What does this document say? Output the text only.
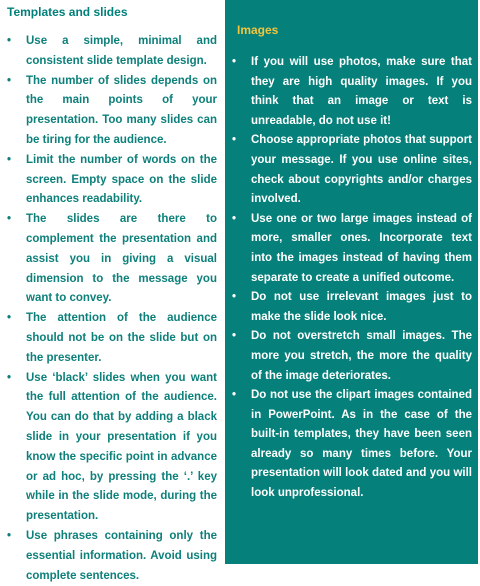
Templates and slides
•	Use a simple, minimal and consistent slide template design.
•	The number of slides depends on the main points of your presentation. Too many slides can be tiring for the audience.
•	Limit the number of words on the screen. Empty space on the slide enhances readability.
•	The slides are there to complement the presentation and assist you in giving a visual dimension to the message you want to convey.
•	The attention of the audience should not be on the slide but on the presenter.
•	Use ‘black’ slides when you want the full attention of the audience. You can do that by adding a black slide in your presentation if you know the specific point in advance or ad hoc, by pressing the ‘.’ key while in the slide mode, during the presentation.
•	Use phrases containing only the essential information. Avoid using complete sentences.
Images
•	If you will use photos, make sure that they are high quality images. If you think that an image or text is unreadable, do not use it!
•	Choose appropriate photos that support your message. If you use online sites, check about copyrights and/or charges involved.
•	Use one or two large images instead of more, smaller ones. Incorporate text into the images instead of having them separate to create a unified outcome.
•	Do not use irrelevant images just to make the slide look nice.
•	Do not overstretch small images. The more you stretch, the more the quality of the image deteriorates.
•	Do not use the clipart images contained in PowerPoint. As in the case of the built-in templates, they have been seen already so many times before. Your presentation will look dated and you will look unprofessional.
